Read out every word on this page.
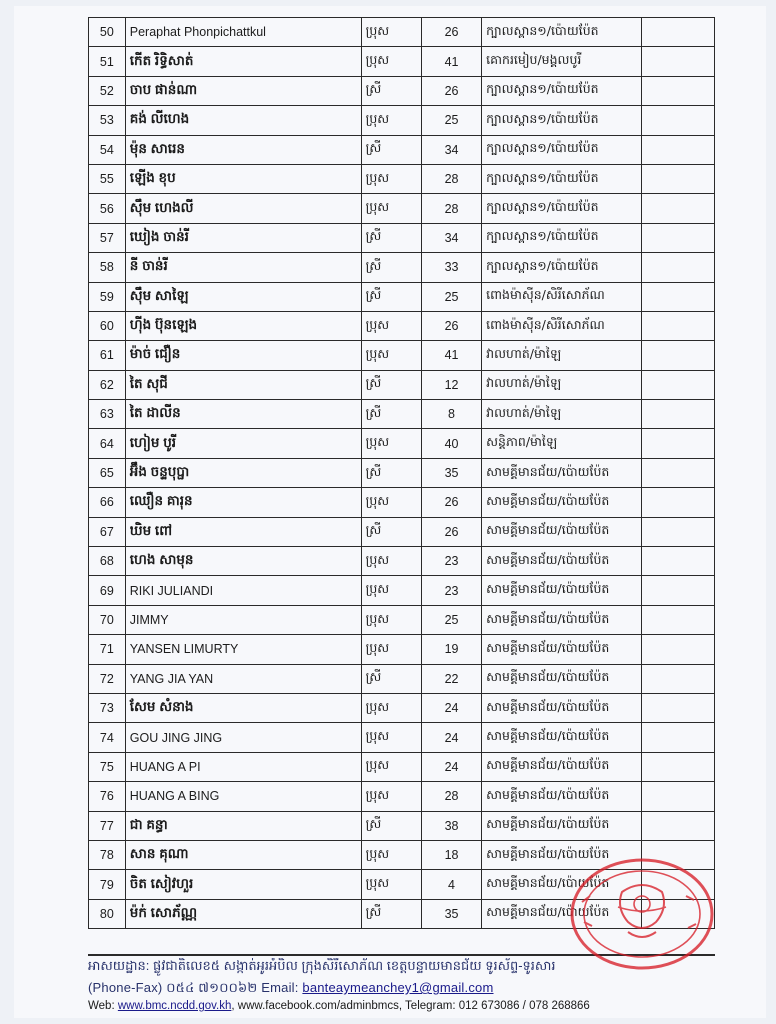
50	Peraphat Phonpichattkul	ប្រុស	26	ក្បាលស្ពាន១/ប៉ោយប៉ែត	
51	កើត រិទ្ធិសាត់	ប្រុស	41	គោករមៀប/មង្គលបូរី	
52	ចាប ផាន់ណា	ស្រី	26	ក្បាលស្ពាន១/ប៉ោយប៉ែត	
53	គង់ លីហេង	ប្រុស	25	ក្បាលស្ពាន១/ប៉ោយប៉ែត	
54	ម៉ុន សារេន	ស្រី	34	ក្បាលស្ពាន១/ប៉ោយប៉ែត	
55	ឡើង ខុប	ប្រុស	28	ក្បាលស្ពាន១/ប៉ោយប៉ែត	
56	ស៊ឹម ហេងលី	ប្រុស	28	ក្បាលស្ពាន១/ប៉ោយប៉ែត	
57	ឃៀង ចាន់រី	ស្រី	34	ក្បាលស្ពាន១/ប៉ោយប៉ែត	
58	នី ចាន់រី	ស្រី	33	ក្បាលស្ពាន១/ប៉ោយប៉ែត	
59	ស៊ឹម សាឡៃ	ស្រី	25	ពោងម៉ាស៊ីន/សិរីសោភ័ណ	
60	ហ៊ីង ប៊ុនឡេង	ប្រុស	26	ពោងម៉ាស៊ីន/សិរីសោភ័ណ	
61	ម៉ាច់ ជឿន	ប្រុស	41	វាលហាត់/ម៉ាឡៃ	
62	តៃ សុជី	ស្រី	12	វាលហាត់/ម៉ាឡៃ	
63	តៃ ដាលីន	ស្រី	8	វាលហាត់/ម៉ាឡៃ	
64	ហៀម បូរី	ប្រុស	40	សន្តិភាព/ម៉ាឡៃ	
65	អ៊ឹង ចន្ទបុប្ផា	ស្រី	35	សាមគ្គីមានជ័យ/ប៉ោយប៉ែត	
66	ឈឿន គារុន	ប្រុស	26	សាមគ្គីមានជ័យ/ប៉ោយប៉ែត	
67	ឃិម ពៅ	ស្រី	26	សាមគ្គីមានជ័យ/ប៉ោយប៉ែត	
68	ហេង សាមុន	ប្រុស	23	សាមគ្គីមានជ័យ/ប៉ោយប៉ែត	
69	RIKI JULIANDI	ប្រុស	23	សាមគ្គីមានជ័យ/ប៉ោយប៉ែត	
70	JIMMY	ប្រុស	25	សាមគ្គីមានជ័យ/ប៉ោយប៉ែត	
71	YANSEN LIMURTY	ប្រុស	19	សាមគ្គីមានជ័យ/ប៉ោយប៉ែត	
72	YANG JIA YAN	ស្រី	22	សាមគ្គីមានជ័យ/ប៉ោយប៉ែត	
73	សែម សំនាង	ប្រុស	24	សាមគ្គីមានជ័យ/ប៉ោយប៉ែត	
74	GOU JING JING	ប្រុស	24	សាមគ្គីមានជ័យ/ប៉ោយប៉ែត	
75	HUANG A PI	ប្រុស	24	សាមគ្គីមានជ័យ/ប៉ោយប៉ែត	
76	HUANG A BING	ប្រុស	28	សាមគ្គីមានជ័យ/ប៉ោយប៉ែត	
77	ជា គន្ធា	ស្រី	38	សាមគ្គីមានជ័យ/ប៉ោយប៉ែត	
78	សាន គុណា	ប្រុស	18	សាមគ្គីមានជ័យ/ប៉ោយប៉ែត	
79	ចិត សៀវហួរ	ប្រុស	4	សាមគ្គីមានជ័យ/ប៉ោយប៉ែត	
80	ម៉ក់ សោភ័ណ្ណ	ស្រី	35	សាមគ្គីមានជ័យ/ប៉ោយប៉ែត	
អាសយដ្ឋាន: ផ្លូវជាតិលេខ៥ សង្កាត់អូរអំបិល ក្រុងសិរីសោភ័ណ ខេត្តបន្ទាយមានជ័យ ទូរស័ព្ទ-ទូរសារ
(Phone-Fax) ០៥៤ ៧១០០៦២ Email: banteaymeanchey1@gmail.com
Web: www.bmc.ncdd.gov.kh, www.facebook.com/adminbmcs, Telegram: 012 673086 / 078 268866
